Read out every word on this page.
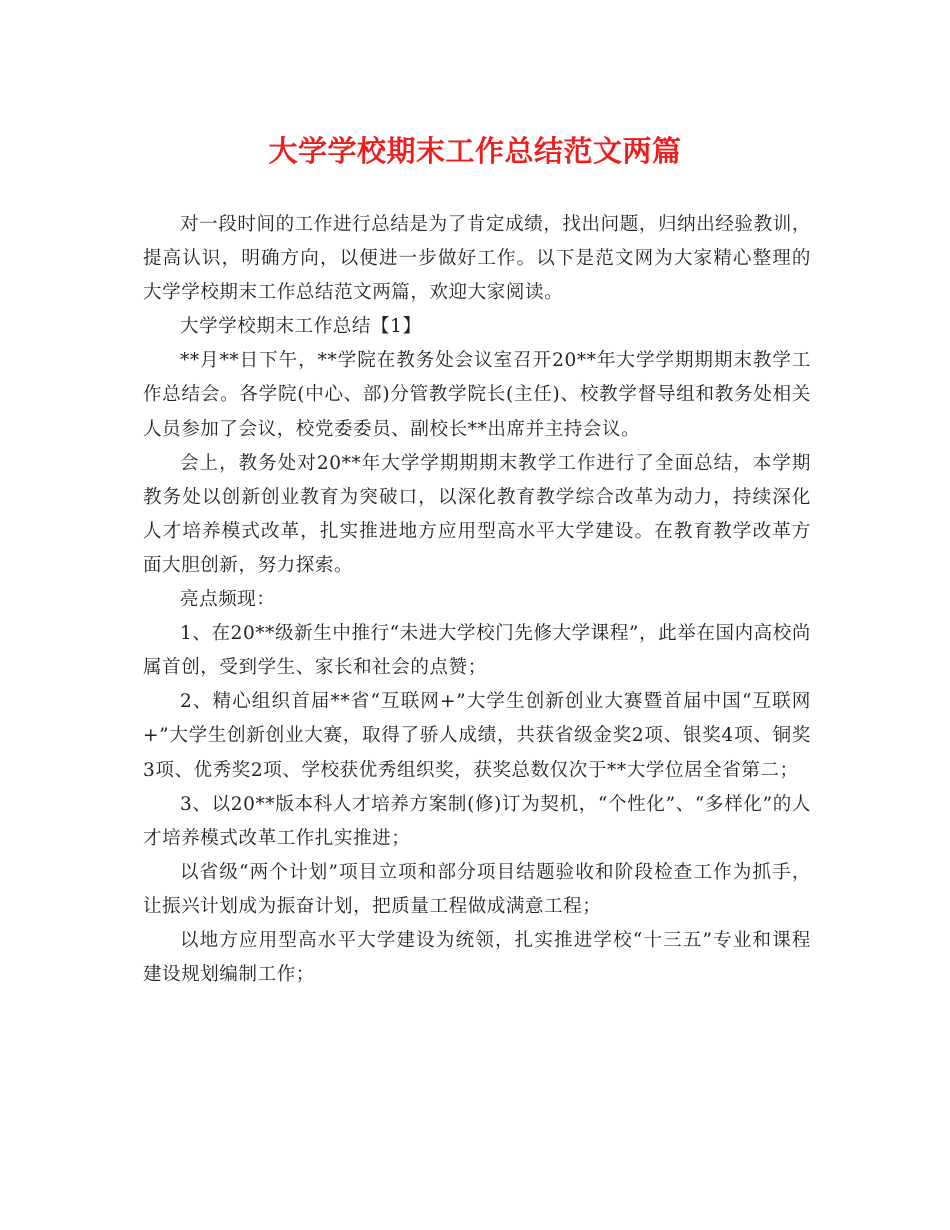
大学学校期末工作总结范文两篇

对一段时间的工作进行总结是为了肯定成绩，找出问题，归纳出经验教训，提高认识，明确方向，以便进一步做好工作。以下是范文网为大家精心整理的大学学校期末工作总结范文两篇，欢迎大家阅读。

大学学校期末工作总结【1】

**月**日下午，**学院在教务处会议室召开20**年大学学期期期末教学工作总结会。各学院(中心、部)分管教学院长(主任)、校教学督导组和教务处相关人员参加了会议，校党委委员、副校长**出席并主持会议。

会上，教务处对20**年大学学期期期末教学工作进行了全面总结，本学期教务处以创新创业教育为突破口，以深化教育教学综合改革为动力，持续深化人才培养模式改革，扎实推进地方应用型高水平大学建设。在教育教学改革方面大胆创新，努力探索。

亮点频现：

1、在20**级新生中推行“未进大学校门先修大学课程”，此举在国内高校尚属首创，受到学生、家长和社会的点赞；

2、精心组织首届**省“互联网+”大学生创新创业大赛暨首届中国“互联网+”大学生创新创业大赛，取得了骄人成绩，共获省级金奖2项、银奖4项、铜奖3项、优秀奖2项、学校获优秀组织奖，获奖总数仅次于**大学位居全省第二；

3、以20**版本科人才培养方案制(修)订为契机，“个性化”、“多样化”的人才培养模式改革工作扎实推进；

以省级“两个计划”项目立项和部分项目结题验收和阶段检查工作为抓手，让振兴计划成为振奋计划，把质量工程做成满意工程；

以地方应用型高水平大学建设为统领，扎实推进学校“十三五”专业和课程建设规划编制工作；
